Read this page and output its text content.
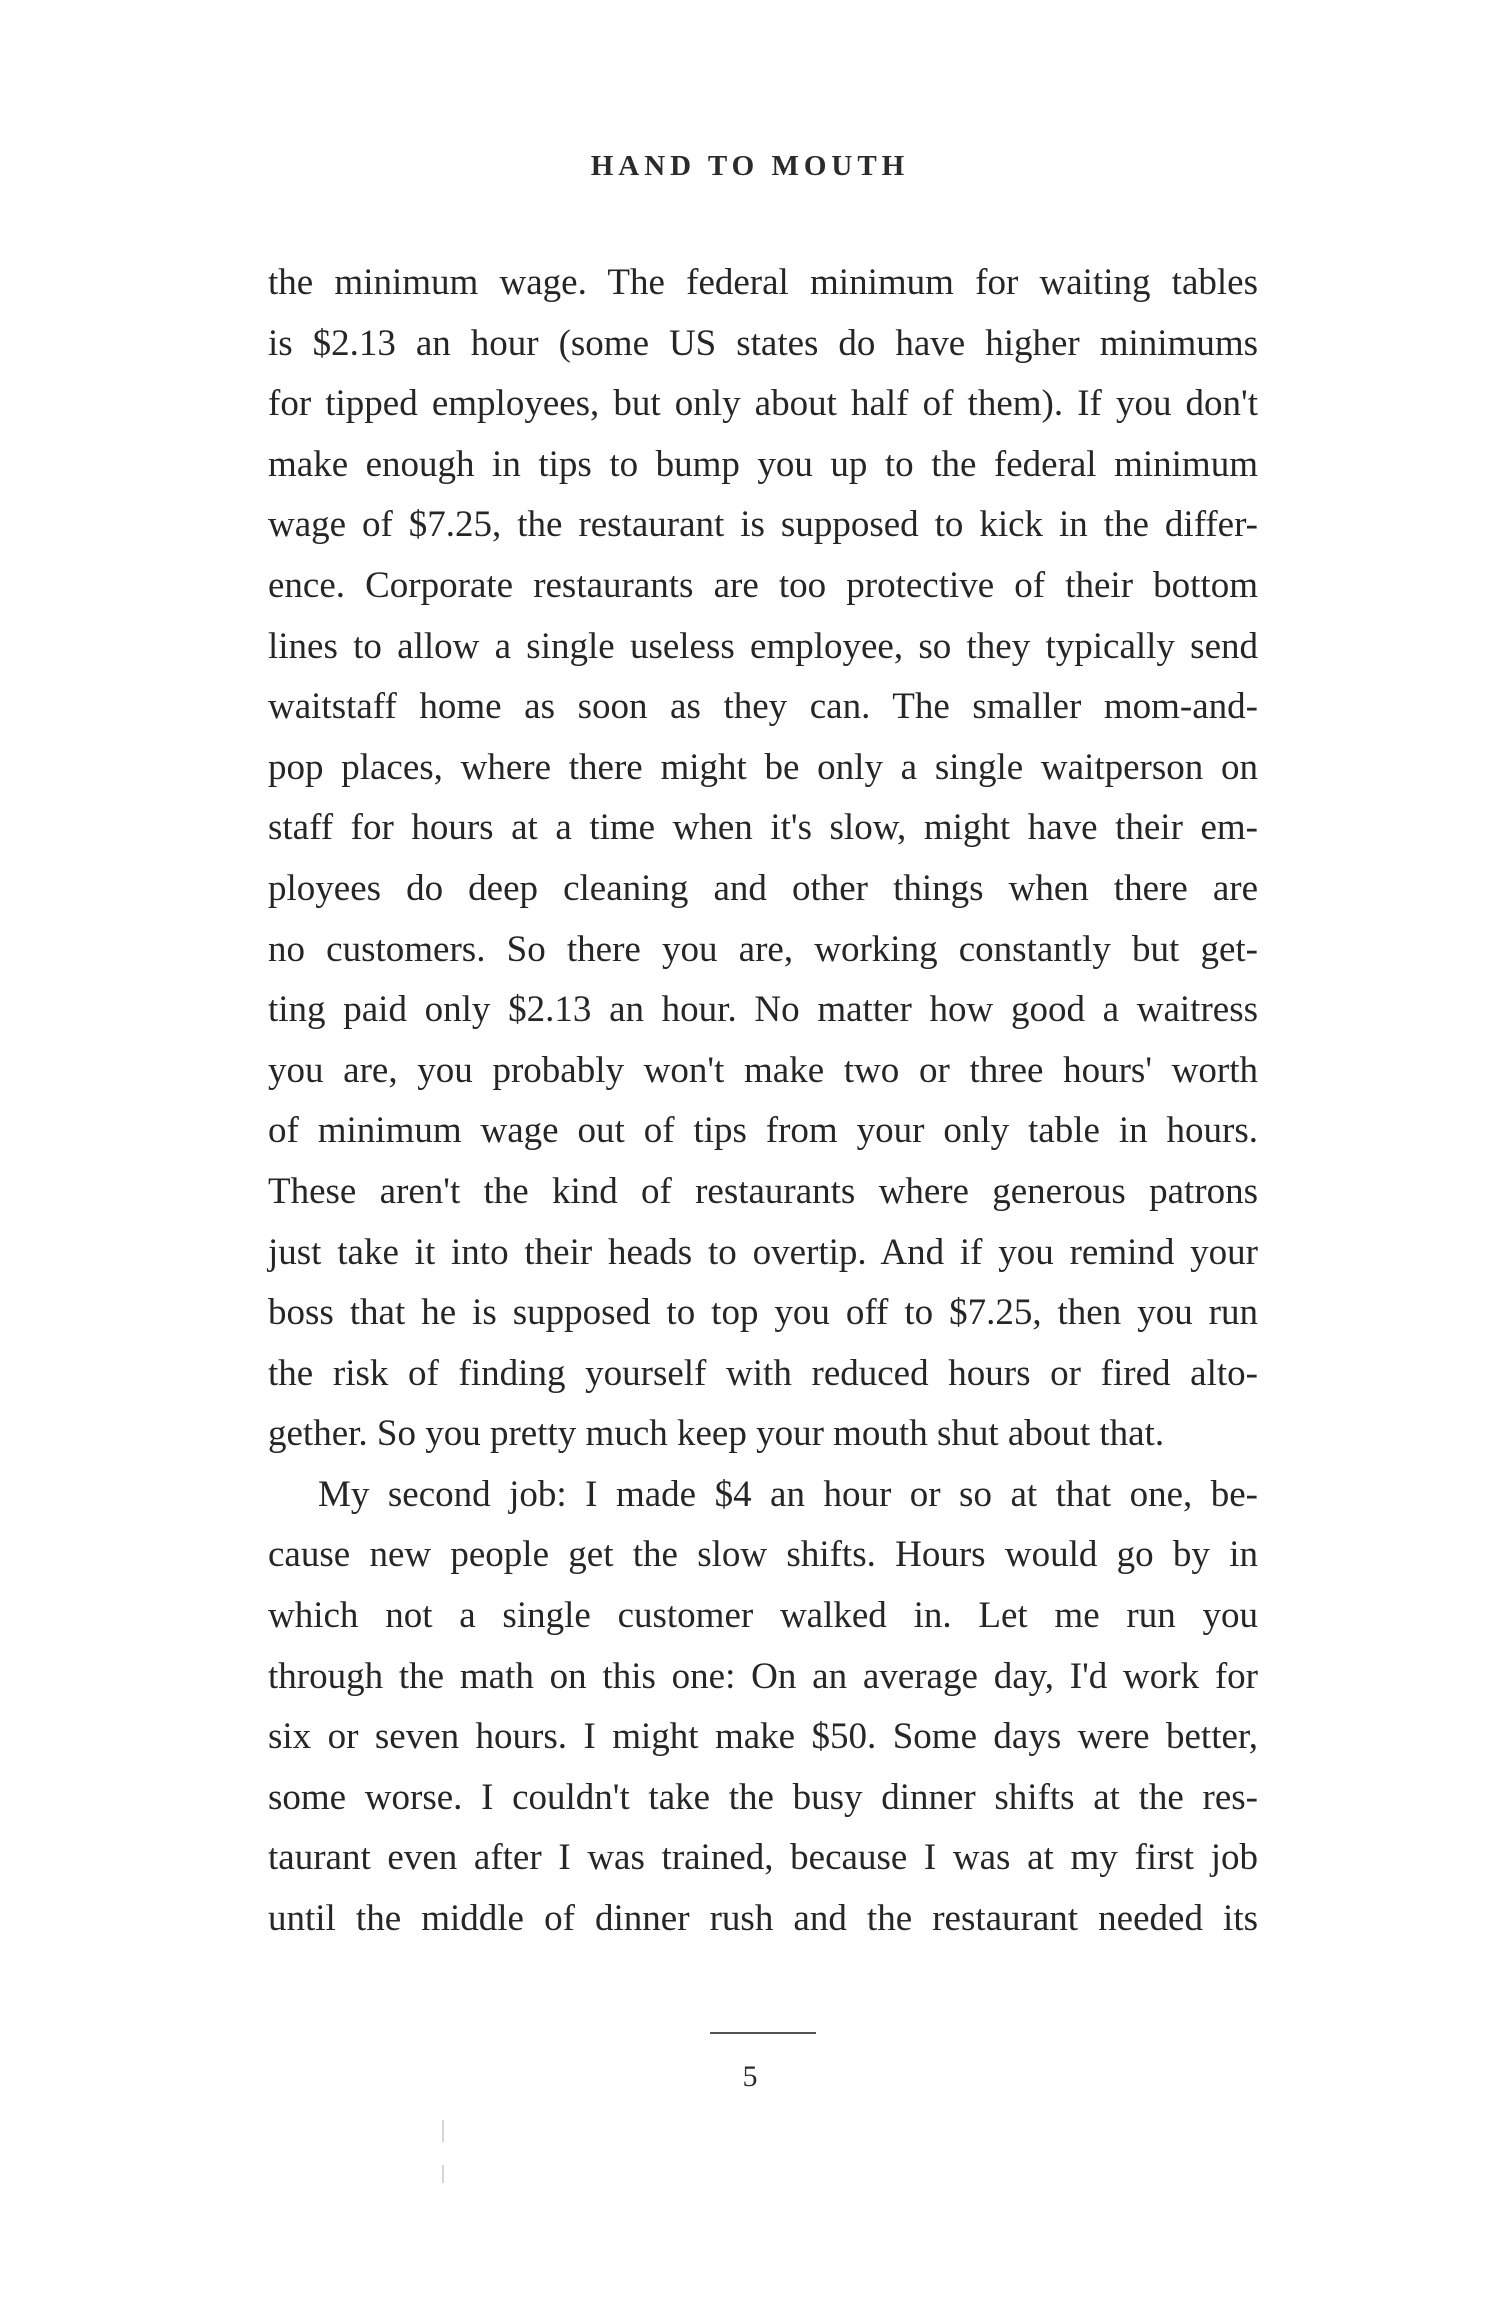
HAND TO MOUTH
the minimum wage. The federal minimum for waiting tables
is $2.13 an hour (some US states do have higher minimums
for tipped employees, but only about half of them). If you don't
make enough in tips to bump you up to the federal minimum
wage of $7.25, the restaurant is supposed to kick in the differ-
ence. Corporate restaurants are too protective of their bottom
lines to allow a single useless employee, so they typically send
waitstaff home as soon as they can. The smaller mom-and-
pop places, where there might be only a single waitperson on
staff for hours at a time when it's slow, might have their em-
ployees do deep cleaning and other things when there are
no customers. So there you are, working constantly but get-
ting paid only $2.13 an hour. No matter how good a waitress
you are, you probably won't make two or three hours' worth
of minimum wage out of tips from your only table in hours.
These aren't the kind of restaurants where generous patrons
just take it into their heads to overtip. And if you remind your
boss that he is supposed to top you off to $7.25, then you run
the risk of finding yourself with reduced hours or fired alto-
gether. So you pretty much keep your mouth shut about that.
My second job: I made $4 an hour or so at that one, be-
cause new people get the slow shifts. Hours would go by in
which not a single customer walked in. Let me run you
through the math on this one: On an average day, I'd work for
six or seven hours. I might make $50. Some days were better,
some worse. I couldn't take the busy dinner shifts at the res-
taurant even after I was trained, because I was at my first job
until the middle of dinner rush and the restaurant needed its
5
